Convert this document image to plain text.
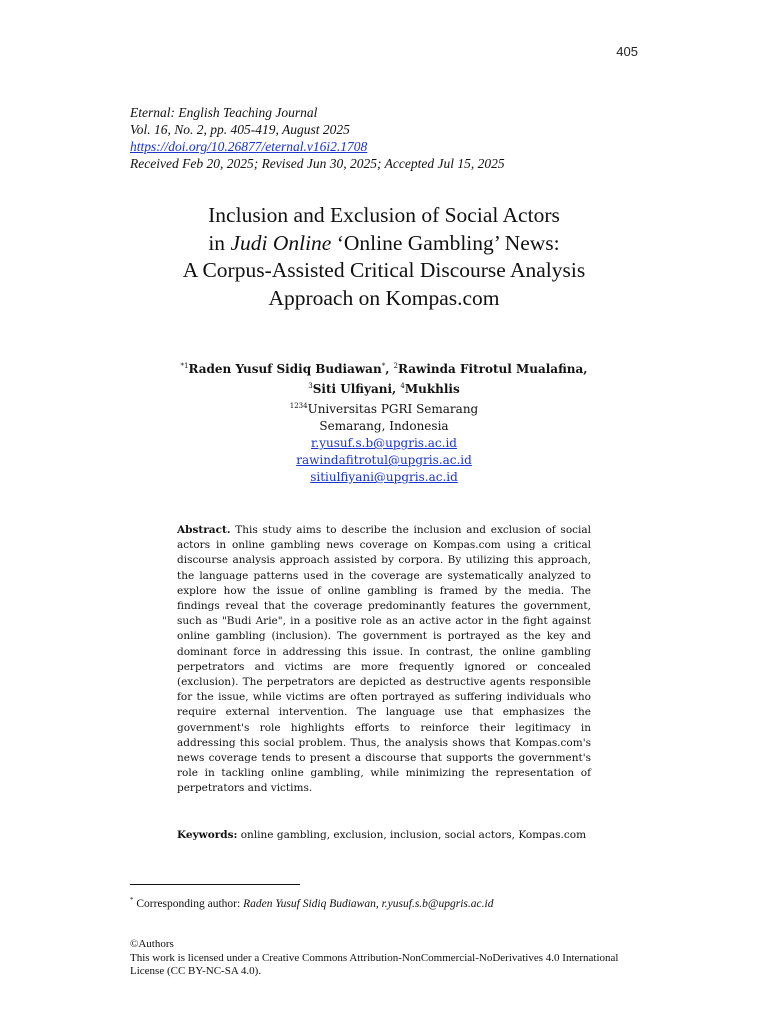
405
Eternal: English Teaching Journal
Vol. 16, No. 2, pp. 405-419, August 2025
https://doi.org/10.26877/eternal.v16i2.1708
Received Feb 20, 2025; Revised Jun 30, 2025; Accepted Jul 15, 2025
Inclusion and Exclusion of Social Actors
in Judi Online ‘Online Gambling’ News:
A Corpus-Assisted Critical Discourse Analysis
Approach on Kompas.com
$^{*1}$Raden Yusuf Sidiq Budiawan*, $^2$Rawinda Fitrotul Mualafina,
$^3$Siti Ulfiyani, $^4$Mukhlis
$^{1234}$Universitas PGRI Semarang
Semarang, Indonesia
r.yusuf.s.b@upgris.ac.id
rawindafitrotul@upgris.ac.id
sitiulfiyani@upgris.ac.id
Abstract. This study aims to describe the inclusion and exclusion of social actors in online gambling news coverage on Kompas.com using a critical discourse analysis approach assisted by corpora. By utilizing this approach, the language patterns used in the coverage are systematically analyzed to explore how the issue of online gambling is framed by the media. The findings reveal that the coverage predominantly features the government, such as "Budi Arie", in a positive role as an active actor in the fight against online gambling (inclusion). The government is portrayed as the key and dominant force in addressing this issue. In contrast, the online gambling perpetrators and victims are more frequently ignored or concealed (exclusion). The perpetrators are depicted as destructive agents responsible for the issue, while victims are often portrayed as suffering individuals who require external intervention. The language use that emphasizes the government's role highlights efforts to reinforce their legitimacy in addressing this social problem. Thus, the analysis shows that Kompas.com's news coverage tends to present a discourse that supports the government's role in tackling online gambling, while minimizing the representation of perpetrators and victims.
Keywords: online gambling, exclusion, inclusion, social actors, Kompas.com
* Corresponding author: Raden Yusuf Sidiq Budiawan, r.yusuf.s.b@upgris.ac.id
©Authors
This work is licensed under a Creative Commons Attribution-NonCommercial-NoDerivatives 4.0 International License (CC BY-NC-SA 4.0).
